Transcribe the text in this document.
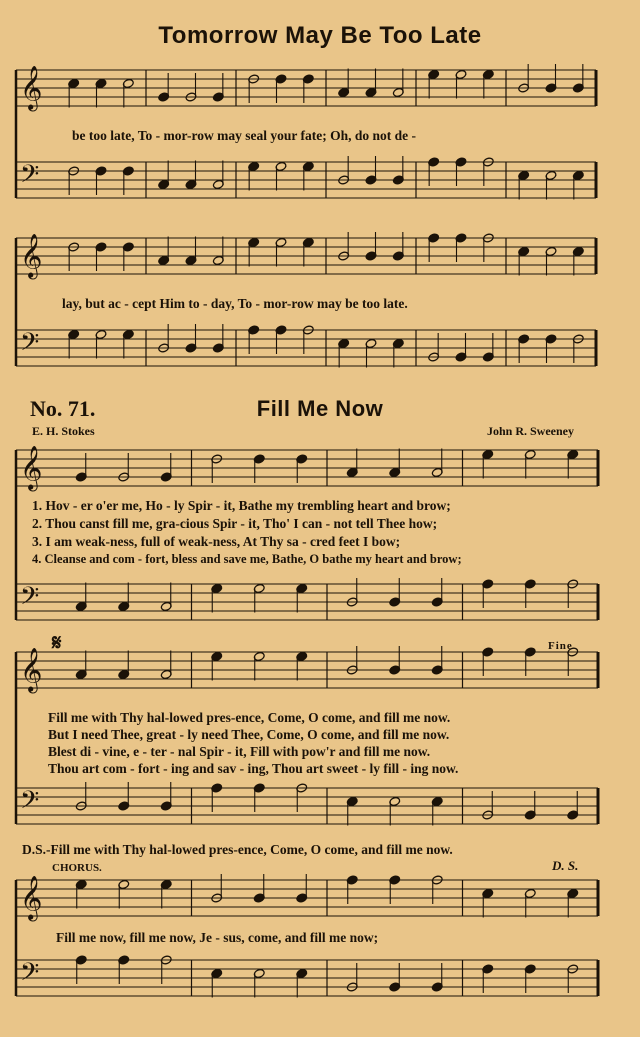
𝄞
𝄢
𝄞
𝄢
𝄞
𝄢
𝄞
𝄢
𝄞
𝄢
Tomorrow May Be Too Late
be too late, To - mor-row may seal your fate; Oh, do not de -
lay, but ac - cept Him to - day, To - mor-row may be too late.
No. 71.	Fill Me Now
E. H. Stokes	John R. Sweeney
1. Hov - er o'er me, Ho - ly Spir - it, Bathe my trembling heart and brow;
2. Thou canst fill me, gra-cious Spir - it, Tho' I can - not tell Thee how;
3. I am weak-ness, full of weak-ness, At Thy sa - cred feet I bow;
4. Cleanse and com - fort, bless and save me, Bathe, O bathe my heart and brow;
Fine
𝄋
Fill me with Thy hal-lowed pres-ence, Come, O come, and fill me now.
But I need Thee, great - ly need Thee, Come, O come, and fill me now.
Blest di - vine, e - ter - nal Spir - it, Fill with pow'r and fill me now.
Thou art com - fort - ing and sav - ing, Thou art sweet - ly fill - ing now.
D.S.-Fill me with Thy hal-lowed pres-ence, Come, O come, and fill me now.
CHORUS.	D. S.
Fill me now, fill me now, Je - sus, come, and fill me now;
